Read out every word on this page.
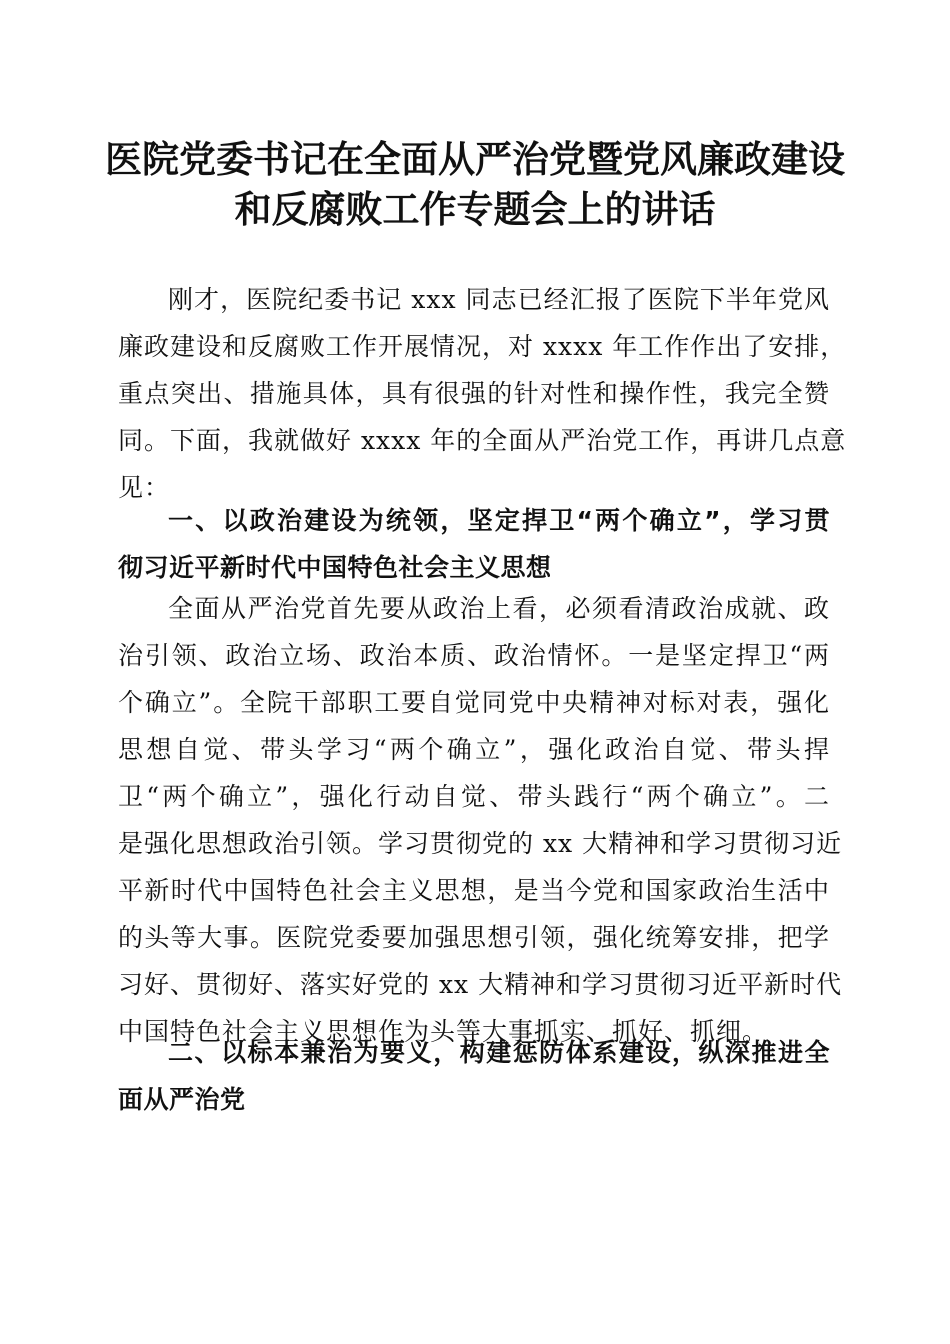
医院党委书记在全面从严治党暨党风廉政建设
和反腐败工作专题会上的讲话
刚才，医院纪委书记 xxx 同志已经汇报了医院下半年党风
廉政建设和反腐败工作开展情况，对 xxxx 年工作作出了安排，
重点突出、措施具体，具有很强的针对性和操作性，我完全赞
同。下面，我就做好 xxxx 年的全面从严治党工作，再讲几点意
见：
一、以政治建设为统领，坚定捍卫“两个确立”，学习贯
彻习近平新时代中国特色社会主义思想
全面从严治党首先要从政治上看，必须看清政治成就、政
治引领、政治立场、政治本质、政治情怀。一是坚定捍卫“两
个确立”。全院干部职工要自觉同党中央精神对标对表，强化
思想自觉、带头学习“两个确立”，强化政治自觉、带头捍
卫“两个确立”，强化行动自觉、带头践行“两个确立”。二
是强化思想政治引领。学习贯彻党的 xx 大精神和学习贯彻习近
平新时代中国特色社会主义思想，是当今党和国家政治生活中
的头等大事。医院党委要加强思想引领，强化统筹安排，把学
习好、贯彻好、落实好党的 xx 大精神和学习贯彻习近平新时代
中国特色社会主义思想作为头等大事抓实、抓好、抓细。
二、以标本兼治为要义，构建惩防体系建设，纵深推进全
面从严治党
